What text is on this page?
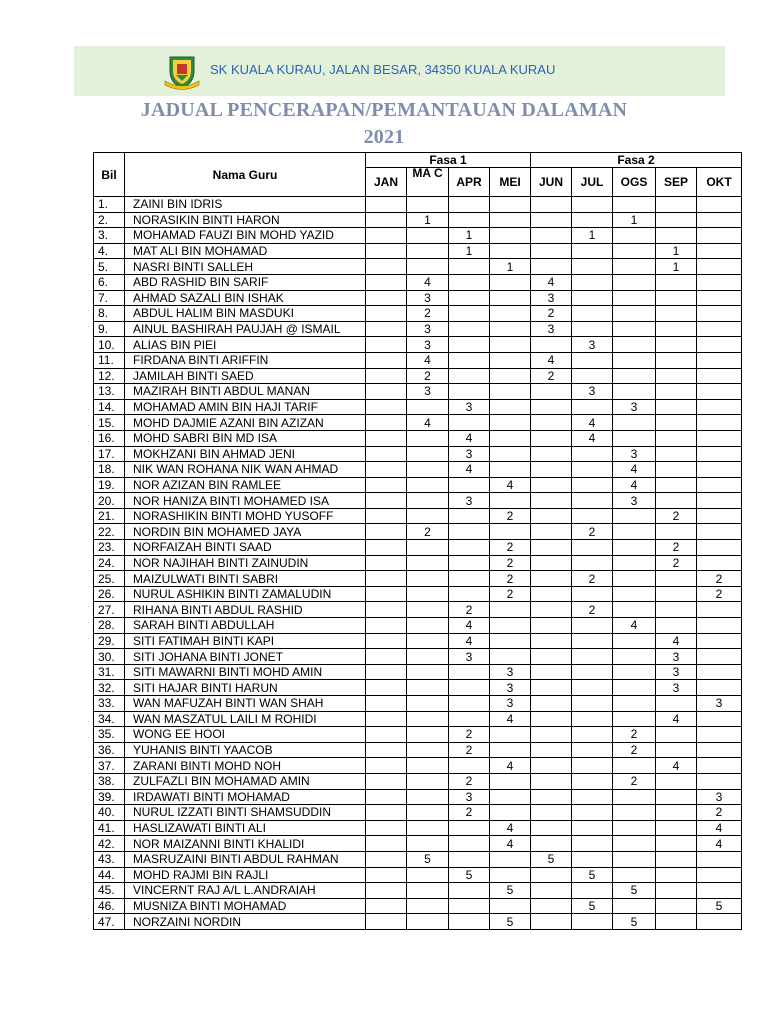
SK KUALA KURAU, JALAN BESAR, 34350 KUALA KURAU
JADUAL PENCERAPAN/PEMANTAUAN DALAMAN
2021
Bil	Nama Guru	Fasa 1				Fasa 2				
		JAN	MA C	APR	MEI	JUN	JUL	OGS	SEP	OKT
1.	ZAINI BIN IDRIS									
2.	NORASIKIN BINTI HARON		1					1		
3.	MOHAMAD FAUZI BIN MOHD YAZID			1			1			
4.	MAT ALI BIN MOHAMAD			1					1	
5.	NASRI BINTI SALLEH				1				1	
6.	ABD RASHID BIN SARIF		4			4				
7.	AHMAD SAZALI BIN ISHAK		3			3				
8.	ABDUL HALIM BIN MASDUKI		2			2				
9.	AINUL BASHIRAH PAUJAH @ ISMAIL		3			3				
10.	ALIAS BIN PIEI		3				3			
11.	FIRDANA BINTI ARIFFIN		4			4				
12.	JAMILAH BINTI SAED		2			2				
13.	MAZIRAH BINTI ABDUL MANAN		3				3			
14.	MOHAMAD AMIN BIN HAJI TARIF			3				3		
15.	MOHD DAJMIE AZANI BIN AZIZAN		4				4			
16.	MOHD SABRI BIN MD ISA			4			4			
17.	MOKHZANI BIN AHMAD JENI			3				3		
18.	NIK WAN ROHANA NIK WAN AHMAD			4				4		
19.	NOR AZIZAN BIN RAMLEE				4			4		
20.	NOR HANIZA BINTI MOHAMED ISA			3				3		
21.	NORASHIKIN BINTI MOHD YUSOFF				2				2	
22.	NORDIN BIN MOHAMED JAYA		2				2			
23.	NORFAIZAH BINTI SAAD				2				2	
24.	NOR NAJIHAH BINTI ZAINUDIN				2				2	
25.	MAIZULWATI BINTI SABRI				2		2			2
26.	NURUL ASHIKIN BINTI ZAMALUDIN				2					2
27.	RIHANA BINTI ABDUL RASHID			2			2			
28.	SARAH BINTI ABDULLAH			4				4		
29.	SITI FATIMAH BINTI KAPI			4					4	
30.	SITI JOHANA BINTI JONET			3					3	
31.	SITI MAWARNI BINTI MOHD AMIN				3				3	
32.	SITI HAJAR BINTI HARUN				3				3	
33.	WAN MAFUZAH BINTI WAN SHAH				3					3
34.	WAN MASZATUL LAILI M ROHIDI				4				4	
35.	WONG EE HOOI			2				2		
36.	YUHANIS BINTI YAACOB			2				2		
37.	ZARANI BINTI MOHD NOH				4				4	
38.	ZULFAZLI BIN MOHAMAD AMIN			2				2		
39.	IRDAWATI BINTI MOHAMAD			3						3
40.	NURUL IZZATI BINTI SHAMSUDDIN			2						2
41.	HASLIZAWATI BINTI ALI				4					4
42.	NOR MAIZANNI BINTI KHALIDI				4					4
43.	MASRUZAINI BINTI ABDUL RAHMAN		5			5				
44.	MOHD RAJMI BIN RAJLI			5			5			
45.	VINCERNT RAJ A/L L.ANDRAIAH				5			5		
46.	MUSNIZA BINTI MOHAMAD						5			5
47.	NORZAINI NORDIN				5			5		
